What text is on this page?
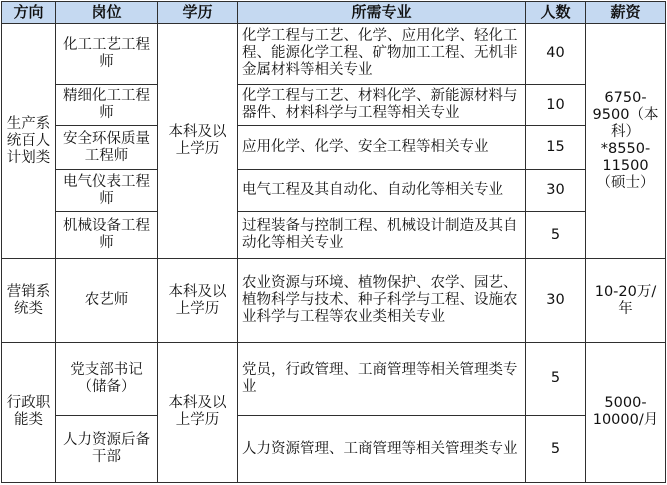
方向	岗位	学历	所需专业	人数	薪资
生产系统百人计划类	化工工艺工程师	本科及以上学历	化学工程与工艺、化学、应用化学、轻化工程、能源化学工程、矿物加工工程、无机非金属材料等相关专业	40	6750-9500（本科）*8550-11500（硕士）
	精细化工工程师		化学工程与工艺、材料化学、新能源材料与器件、材料科学与工程等相关专业	10	
	安全环保质量工程师		应用化学、化学、安全工程等相关专业	15	
	电气仪表工程师		电气工程及其自动化、自动化等相关专业	30	
	机械设备工程师		过程装备与控制工程、机械设计制造及其自动化等相关专业	5	
营销系统类	农艺师	本科及以上学历	农业资源与环境、植物保护、农学、园艺、植物科学与技术、种子科学与工程、设施农业科学与工程等农业类相关专业	30	10-20万/年
行政职能类	党支部书记（储备）	本科及以上学历	党员，行政管理、工商管理等相关管理类专业	5	5000-10000/月
	人力资源后备干部		人力资源管理、工商管理等相关管理类专业	5	
